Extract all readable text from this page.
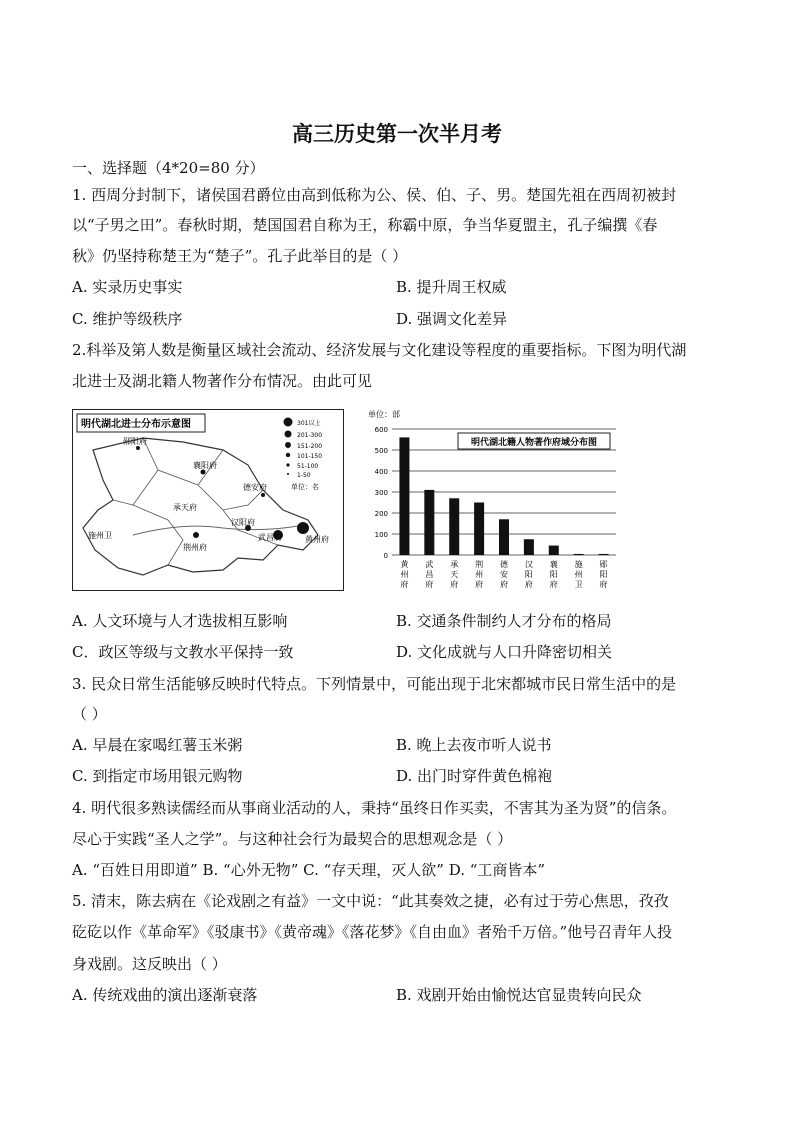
高三历史第一次半月考
一、选择题（4*20=80 分）
1. 西周分封制下，诸侯国君爵位由高到低称为公、侯、伯、子、男。楚国先祖在西周初被封
以“子男之田”。春秋时期，楚国国君自称为王，称霸中原，争当华夏盟主，孔子编撰《春
秋》仍坚持称楚王为“楚子”。孔子此举目的是（ ）
A. 实录历史事实	B. 提升周王权威
C. 维护等级秩序	D. 强调文化差异
2.科举及第人数是衡量区域社会流动、经济发展与文化建设等程度的重要指标。下图为明代湖
北进士及湖北籍人物著作分布情况。由此可见
明代湖北进士分布示意图
郧阳府
襄阳府
德安府
承天府
施州卫
荆州府
汉阳府
武昌府	黄州府
301以上
201-300
151-200
101-150
51-100
1-50
单位：名
单位：部
0
100
200
300
400
500
600
明代湖北籍人物著作府域分布图
黄
州
府
武
昌
府
承
天
府
荆
州
府
德
安
府
汉
阳
府
襄
阳
府
施
州
卫
郧
阳
府
A. 人文环境与人才选拔相互影响	B. 交通条件制约人才分布的格局
C．政区等级与文教水平保持一致	D. 文化成就与人口升降密切相关
3. 民众日常生活能够反映时代特点。下列情景中，可能出现于北宋都城市民日常生活中的是
（ ）
A. 早晨在家喝红薯玉米粥	B. 晚上去夜市听人说书
C. 到指定市场用银元购物	D. 出门时穿件黄色棉袍
4. 明代很多熟读儒经而从事商业活动的人，秉持“虽终日作买卖，不害其为圣为贤”的信条。
尽心于实践“圣人之学”。与这种社会行为最契合的思想观念是（ ）
A. “百姓日用即道” B. “心外无物” C. “存天理，灭人欲” D. “工商皆本”
5. 清末，陈去病在《论戏剧之有益》一文中说：“此其奏效之捷，必有过于劳心焦思，孜孜
矻矻以作《革命军》《驳康书》《黄帝魂》《落花梦》《自由血》者殆千万倍。”他号召青年人投
身戏剧。这反映出（ ）
A. 传统戏曲的演出逐渐衰落	B. 戏剧开始由愉悦达官显贵转向民众
